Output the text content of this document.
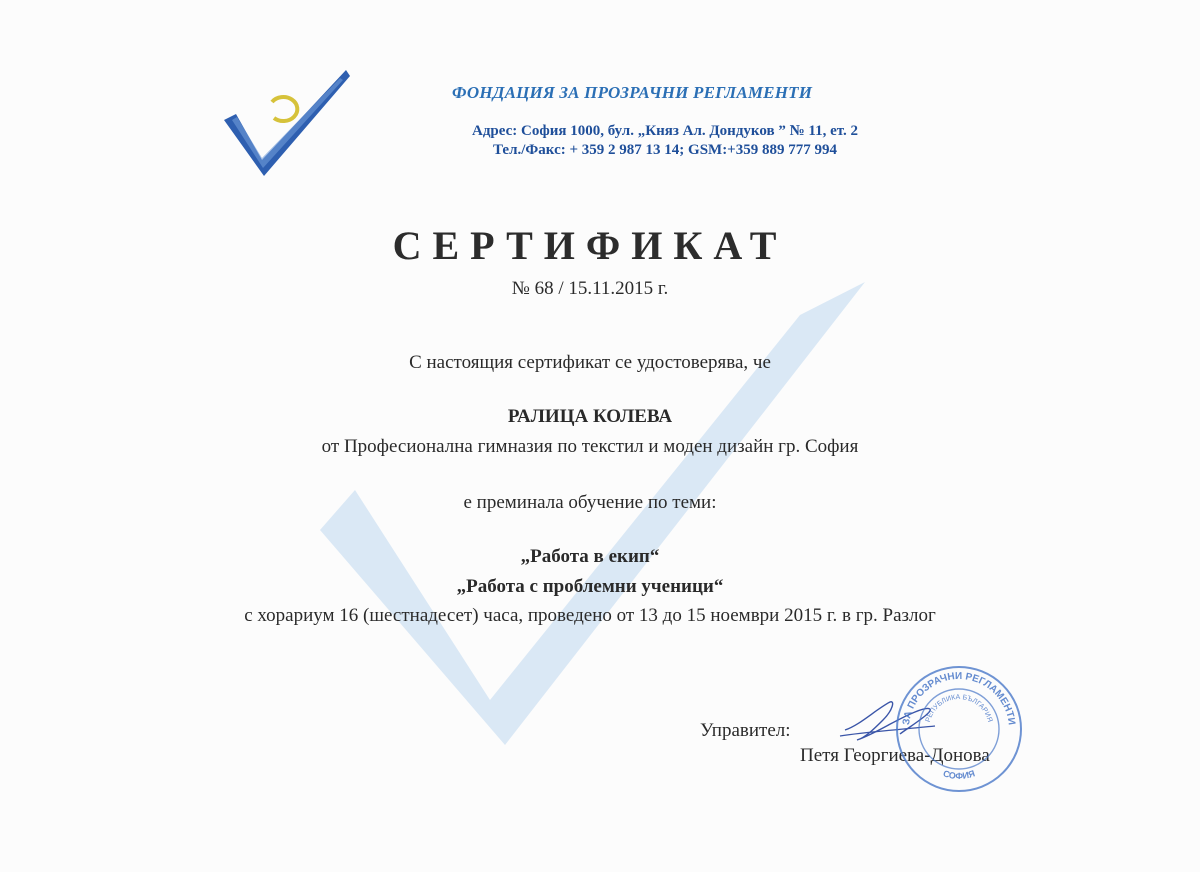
ФОНДАЦИЯ ЗА ПРОЗРАЧНИ РЕГЛАМЕНТИ
Адрес: София 1000, бул. „Княз Ал. Дондуков ” № 11, ет. 2
Тел./Факс: + 359 2 987 13 14; GSM:+359 889 777 994
СЕРТИФИКАТ
№ 68 / 15.11.2015 г.
С настоящия сертификат се удостоверява, че
РАЛИЦА КОЛЕВА
от Професионална гимназия по текстил и моден дизайн гр. София
е преминала обучение по теми:
„Работа в екип“
„Работа с проблемни ученици“
с хорариум 16 (шестнадесет) часа, проведено от 13 до 15 ноември 2015 г. в гр. Разлог
Управител:
Петя Георгиева-Донова
ЗА ПРОЗРАЧНИ РЕГЛАМЕНТИ
СОФИЯ
РЕПУБЛИКА БЪЛГАРИЯ
